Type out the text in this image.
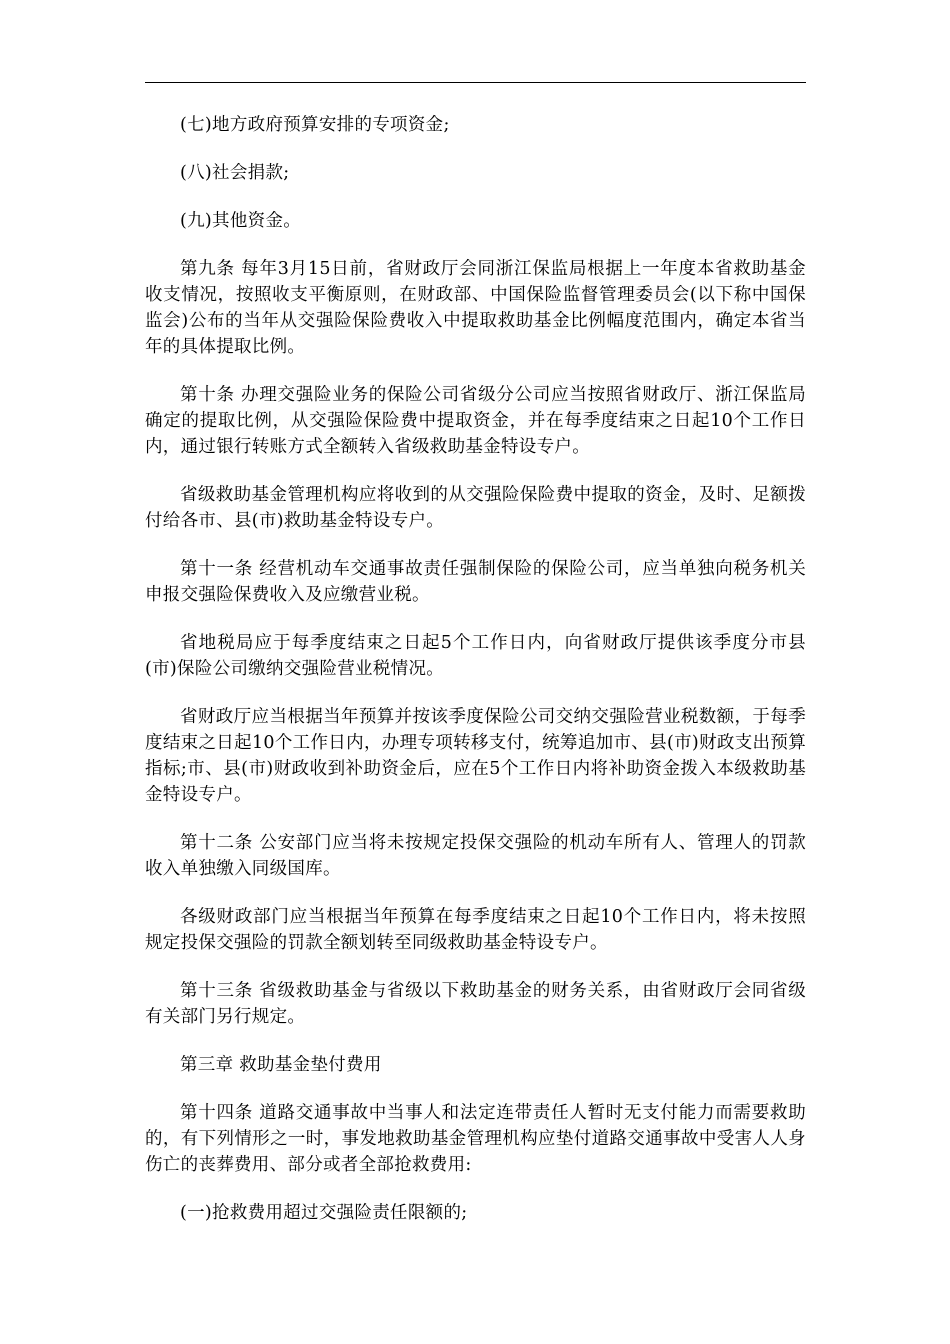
(七)地方政府预算安排的专项资金;

(八)社会捐款;

(九)其他资金。

第九条 每年3月15日前，省财政厅会同浙江保监局根据上一年度本省救助基金收支情况，按照收支平衡原则，在财政部、中国保险监督管理委员会(以下称中国保监会)公布的当年从交强险保险费收入中提取救助基金比例幅度范围内，确定本省当年的具体提取比例。

第十条 办理交强险业务的保险公司省级分公司应当按照省财政厅、浙江保监局确定的提取比例，从交强险保险费中提取资金，并在每季度结束之日起10个工作日内，通过银行转账方式全额转入省级救助基金特设专户。

省级救助基金管理机构应将收到的从交强险保险费中提取的资金，及时、足额拨付给各市、县(市)救助基金特设专户。

第十一条 经营机动车交通事故责任强制保险的保险公司，应当单独向税务机关申报交强险保费收入及应缴营业税。

省地税局应于每季度结束之日起5个工作日内，向省财政厅提供该季度分市县(市)保险公司缴纳交强险营业税情况。

省财政厅应当根据当年预算并按该季度保险公司交纳交强险营业税数额，于每季度结束之日起10个工作日内，办理专项转移支付，统筹追加市、县(市)财政支出预算指标;市、县(市)财政收到补助资金后，应在5个工作日内将补助资金拨入本级救助基金特设专户。

第十二条 公安部门应当将未按规定投保交强险的机动车所有人、管理人的罚款收入单独缴入同级国库。

各级财政部门应当根据当年预算在每季度结束之日起10个工作日内，将未按照规定投保交强险的罚款全额划转至同级救助基金特设专户。

第十三条 省级救助基金与省级以下救助基金的财务关系，由省财政厅会同省级有关部门另行规定。

第三章 救助基金垫付费用

第十四条 道路交通事故中当事人和法定连带责任人暂时无支付能力而需要救助的，有下列情形之一时，事发地救助基金管理机构应垫付道路交通事故中受害人人身伤亡的丧葬费用、部分或者全部抢救费用:

(一)抢救费用超过交强险责任限额的;
